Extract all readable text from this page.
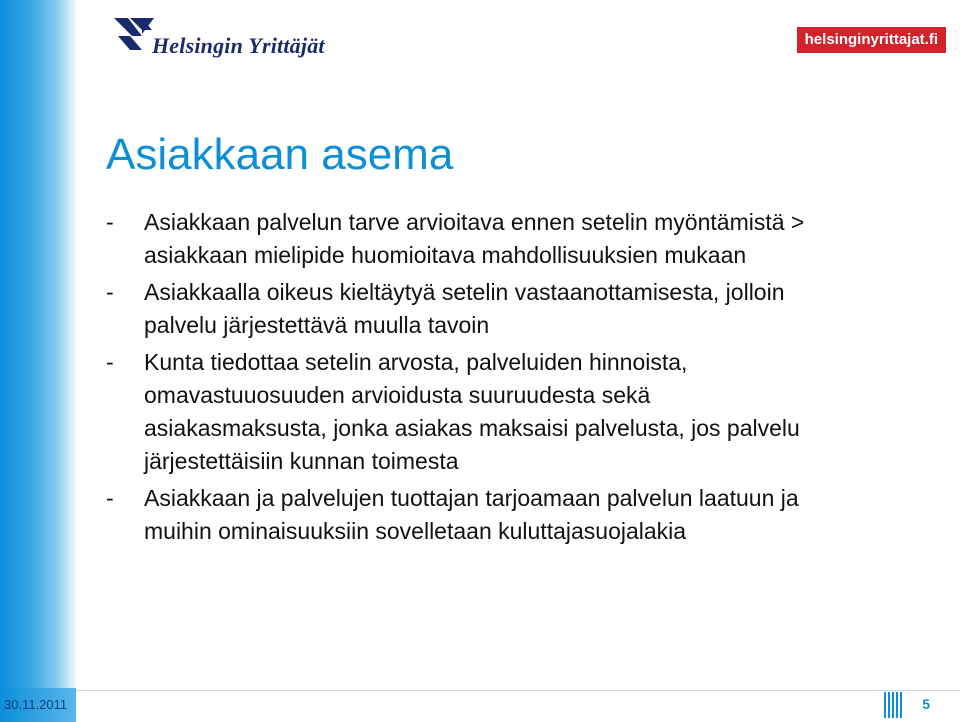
Helsingin Yrittäjät	helsinginyrittajat.fi
Asiakkaan asema
- Asiakkaan palvelun tarve arvioitava ennen setelin myöntämistä > asiakkaan mielipide huomioitava mahdollisuuksien mukaan
- Asiakkaalla oikeus kieltäytyä setelin vastaanottamisesta, jolloin palvelu järjestettävä muulla tavoin
- Kunta tiedottaa setelin arvosta, palveluiden hinnoista, omavastuuosuuden arvioidusta suuruudesta sekä asiakasmaksusta, jonka asiakas maksaisi palvelusta, jos palvelu järjestettäisiin kunnan toimesta
- Asiakkaan ja palvelujen tuottajan tarjoamaan palvelun laatuun ja muihin ominaisuuksiin sovelletaan kuluttajasuojalakia
30.11.2011	5
